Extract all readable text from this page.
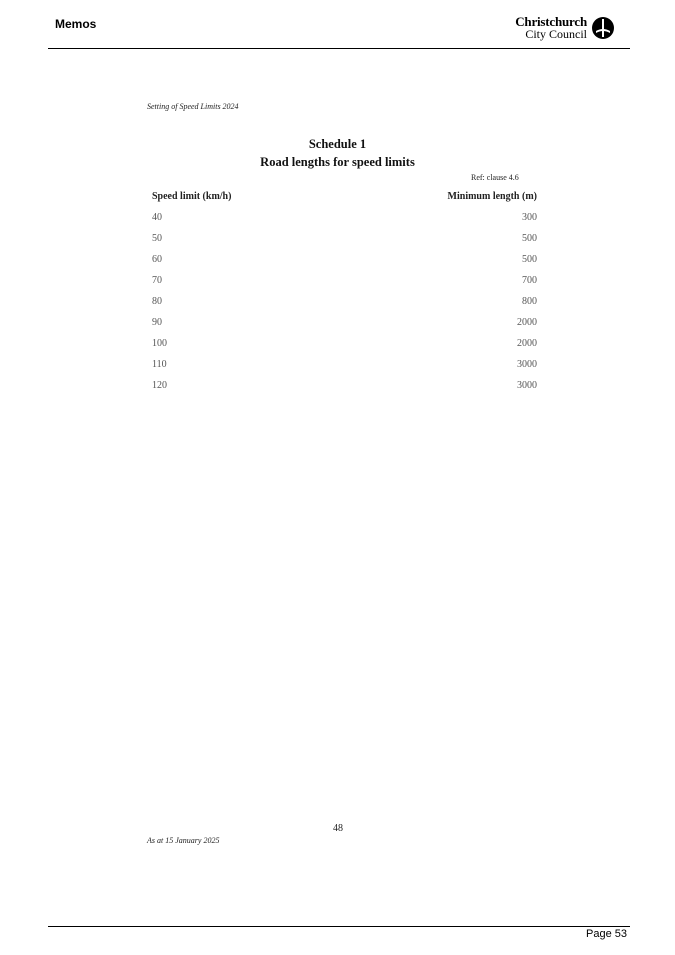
Memos	Christchurch
City Council
Setting of Speed Limits 2024
Schedule 1
Road lengths for speed limits
Ref: clause 4.6
Speed limit (km/h)	Minimum length (m)
40	300
50	500
60	500
70	700
80	800
90	2000
100	2000
110	3000
120	3000
48
As at 15 January 2025
Page 53
